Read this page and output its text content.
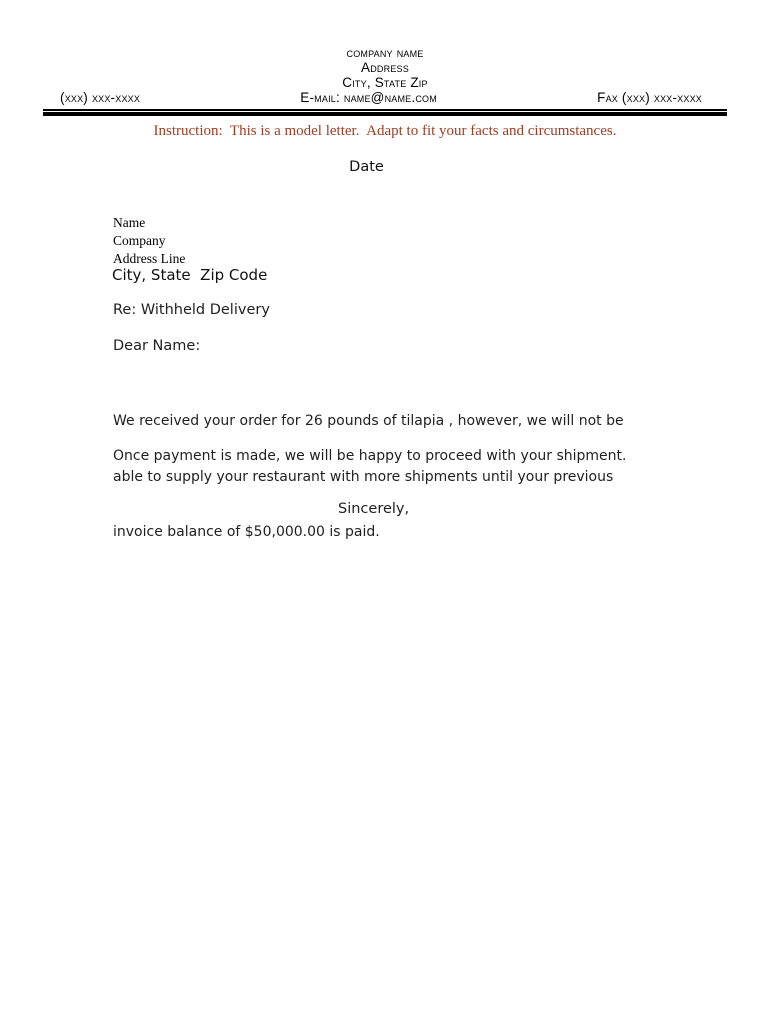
company name
Address
City, State Zip
(xxx) xxx-xxxx	E-mail: name@name.com	Fax (xxx) xxx-xxxx
Instruction:  This is a model letter.  Adapt to fit your facts and circumstances.
Date
Name
Company
Address Line
City, State  Zip Code
Re: Withheld Delivery
Dear Name:

We received your order for 26 pounds of tilapia , however, we will not be

able to supply your restaurant with more shipments until your previous

invoice balance of $50,000.00 is paid.

Once payment is made, we will be happy to proceed with your shipment.
Sincerely,
